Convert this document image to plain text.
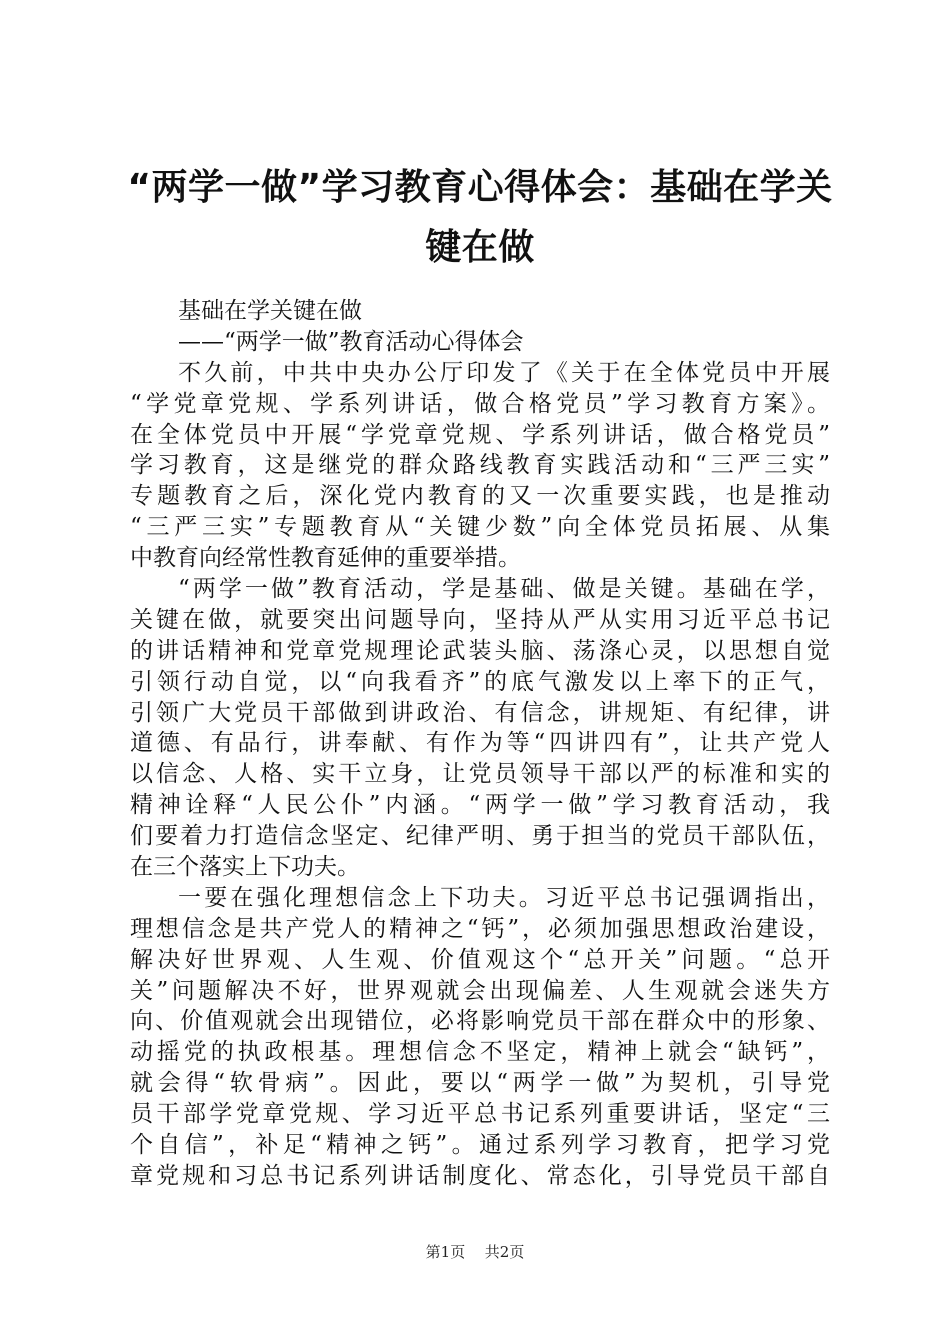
“两学一做”学习教育心得体会：基础在学关
键在做
基础在学关键在做
——“两学一做”教育活动心得体会
不久前，中共中央办公厅印发了《关于在全体党员中开展
“学党章党规、学系列讲话，做合格党员”学习教育方案》。
在全体党员中开展“学党章党规、学系列讲话，做合格党员”
学习教育，这是继党的群众路线教育实践活动和“三严三实”
专题教育之后，深化党内教育的又一次重要实践，也是推动
“三严三实”专题教育从“关键少数”向全体党员拓展、从集
中教育向经常性教育延伸的重要举措。
“两学一做”教育活动，学是基础、做是关键。基础在学，
关键在做，就要突出问题导向，坚持从严从实用习近平总书记
的讲话精神和党章党规理论武装头脑、荡涤心灵，以思想自觉
引领行动自觉，以“向我看齐”的底气激发以上率下的正气，
引领广大党员干部做到讲政治、有信念，讲规矩、有纪律，讲
道德、有品行，讲奉献、有作为等“四讲四有”，让共产党人
以信念、人格、实干立身，让党员领导干部以严的标准和实的
精神诠释“人民公仆”内涵。“两学一做”学习教育活动，我
们要着力打造信念坚定、纪律严明、勇于担当的党员干部队伍，
在三个落实上下功夫。
一要在强化理想信念上下功夫。习近平总书记强调指出，
理想信念是共产党人的精神之“钙”，必须加强思想政治建设，
解决好世界观、人生观、价值观这个“总开关”问题。“总开
关”问题解决不好，世界观就会出现偏差、人生观就会迷失方
向、价值观就会出现错位，必将影响党员干部在群众中的形象、
动摇党的执政根基。理想信念不坚定，精神上就会“缺钙”，
就会得“软骨病”。因此，要以“两学一做”为契机，引导党
员干部学党章党规、学习近平总书记系列重要讲话，坚定“三
个自信”，补足“精神之钙”。通过系列学习教育，把学习党
章党规和习总书记系列讲话制度化、常态化，引导党员干部自
第1页 共2页
